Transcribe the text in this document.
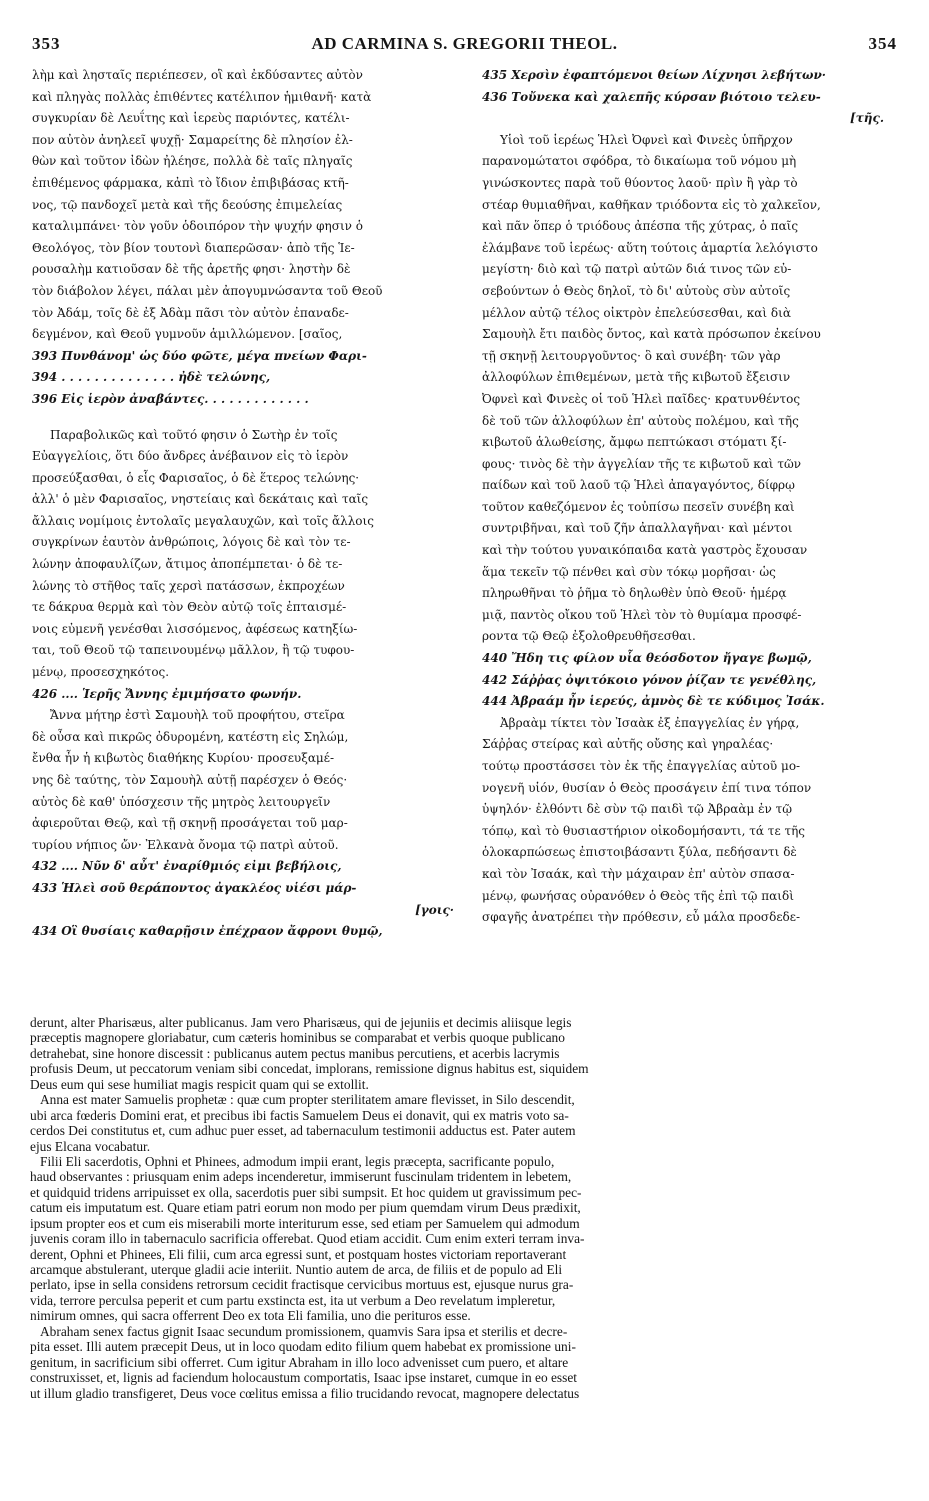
353	AD CARMINA S. GREGORII THEOL.	354
λὴμ καὶ λησταῖς περιέπεσεν, οἳ καὶ ἐκδύσαντες αὐτὸν
καὶ πληγὰς πολλὰς ἐπιθέντες κατέλιπον ἡμιθανῆ· κατὰ
συγκυρίαν δὲ Λευΐτης καὶ ἱερεὺς παριόντες, κατέλι-
πον αὐτὸν ἀνηλεεῖ ψυχῇ· Σαμαρείτης δὲ πλησίον ἐλ-
θὼν καὶ τοῦτον ἰδὼν ἠλέησε, πολλὰ δὲ ταῖς πληγαῖς
ἐπιθέμενος φάρμακα, κἀπὶ τὸ ἴδιον ἐπιβιβάσας κτῆ-
νος, τῷ πανδοχεῖ μετὰ καὶ τῆς δεούσης ἐπιμελείας
καταλιμπάνει· τὸν γοῦν ὁδοιπόρον τὴν ψυχήν φησιν ὁ
Θεολόγος, τὸν βίον τουτονὶ διαπερῶσαν· ἀπὸ τῆς Ἱε-
ρουσαλὴμ κατιοῦσαν δὲ τῆς ἀρετῆς φησι· ληστὴν δὲ
τὸν διάβολον λέγει, πάλαι μὲν ἀπογυμνώσαντα τοῦ Θεοῦ
τὸν Ἀδάμ, τοῖς δὲ ἐξ Ἀδὰμ πᾶσι τὸν αὐτὸν ἐπαναδε-
δεγμένον, καὶ Θεοῦ γυμνοῦν ἁμιλλώμενον. [σαῖος,
393 Πυνθάνομ' ὡς δύο φῶτε, μέγα πνείων Φαρι-
394 . . . . . . . . . . . . . . ἠδὲ τελώνης,
396 Εἰς ἱερὸν ἀναβάντες. . . . . . . . . . . . .
Παραβολικῶς καὶ τοῦτό φησιν ὁ Σωτὴρ ἐν τοῖς
Εὐαγγελίοις, ὅτι δύο ἄνδρες ἀνέβαινον εἰς τὸ ἱερὸν
προσεύξασθαι, ὁ εἷς Φαρισαῖος, ὁ δὲ ἕτερος τελώνης·
ἀλλ' ὁ μὲν Φαρισαῖος, νηστείαις καὶ δεκάταις καὶ ταῖς
ἄλλαις νομίμοις ἐντολαῖς μεγαλαυχῶν, καὶ τοῖς ἄλλοις
συγκρίνων ἑαυτὸν ἀνθρώποις, λόγοις δὲ καὶ τὸν τε-
λώνην ἀποφαυλίζων, ἄτιμος ἀποπέμπεται· ὁ δὲ τε-
λώνης τὸ στῆθος ταῖς χερσὶ πατάσσων, ἐκπροχέων
τε δάκρυα θερμὰ καὶ τὸν Θεὸν αὐτῷ τοῖς ἐπταισμέ-
νοις εὐμενῆ γενέσθαι λισσόμενος, ἀφέσεως κατηξίω-
ται, τοῦ Θεοῦ τῷ ταπεινουμένῳ μᾶλλον, ἢ τῷ τυφου-
μένῳ, προσεσχηκότος.
426 .... Ἱερῆς Ἄννης ἐμιμήσατο φωνήν.
Ἄννα μήτηρ ἐστὶ Σαμουὴλ τοῦ προφήτου, στεῖρα
δὲ οὖσα καὶ πικρῶς ὀδυρομένη, κατέστη εἰς Σηλώμ,
ἔνθα ἦν ἡ κιβωτὸς διαθήκης Κυρίου· προσευξαμέ-
νης δὲ ταύτης, τὸν Σαμουὴλ αὐτῇ παρέσχεν ὁ Θεός·
αὐτὸς δὲ καθ' ὑπόσχεσιν τῆς μητρὸς λειτουργεῖν
ἀφιεροῦται Θεῷ, καὶ τῇ σκηνῇ προσάγεται τοῦ μαρ-
τυρίου νήπιος ὤν· Ἐλκανὰ ὄνομα τῷ πατρὶ αὐτοῦ.
432 .... Νῦν δ' αὖτ' ἐναρίθμιός εἰμι βεβήλοις,
433 Ἡλεὶ σοῦ θεράποντος ἀγακλέος υἱέσι μάρ-
[γοις·
434 Οἳ θυσίαις καθαρῇσιν ἐπέχραον ἄφρονι θυμῷ,
435 Χερσὶν ἐφαπτόμενοι θείων Λίχνησι λεβήτων·
436 Τοὔνεκα καὶ χαλεπῆς κύρσαν βιότοιο τελευ-
[τῆς.
Υἱοὶ τοῦ ἱερέως Ἡλεὶ Ὀφνεὶ καὶ Φινεὲς ὑπῆρχον
παρανομώτατοι σφόδρα, τὸ δικαίωμα τοῦ νόμου μὴ
γινώσκοντες παρὰ τοῦ θύοντος λαοῦ· πρὶν ἢ γὰρ τὸ
στέαρ θυμιαθῆναι, καθῆκαν τριόδοντα εἰς τὸ χαλκεῖον,
καὶ πᾶν ὅπερ ὁ τριόδους ἀπέσπα τῆς χύτρας, ὁ παῖς
ἐλάμβανε τοῦ ἱερέως· αὕτη τούτοις ἁμαρτία λελόγιστο
μεγίστη· διὸ καὶ τῷ πατρὶ αὐτῶν διά τινος τῶν εὐ-
σεβούντων ὁ Θεὸς δηλοῖ, τὸ δι' αὐτοὺς σὺν αὐτοῖς
μέλλον αὐτῷ τέλος οἰκτρὸν ἐπελεύσεσθαι, καὶ διὰ
Σαμουὴλ ἔτι παιδὸς ὄντος, καὶ κατὰ πρόσωπον ἐκείνου
τῇ σκηνῇ λειτουργοῦντος· ὃ καὶ συνέβη· τῶν γὰρ
ἀλλοφύλων ἐπιθεμένων, μετὰ τῆς κιβωτοῦ ἔξεισιν
Ὀφνεὶ καὶ Φινεὲς οἱ τοῦ Ἡλεὶ παῖδες· κρατυνθέντος
δὲ τοῦ τῶν ἀλλοφύλων ἐπ' αὐτοὺς πολέμου, καὶ τῆς
κιβωτοῦ ἁλωθείσης, ἄμφω πεπτώκασι στόματι ξί-
φους· τινὸς δὲ τὴν ἀγγελίαν τῆς τε κιβωτοῦ καὶ τῶν
παίδων καὶ τοῦ λαοῦ τῷ Ἡλεὶ ἀπαγαγόντος, δίφρῳ
τοῦτον καθεζόμενον ἐς τοὐπίσω πεσεῖν συνέβη καὶ
συντριβῆναι, καὶ τοῦ ζῆν ἀπαλλαγῆναι· καὶ μέντοι
καὶ τὴν τούτου γυναικόπαιδα κατὰ γαστρὸς ἔχουσαν
ἅμα τεκεῖν τῷ πένθει καὶ σὺν τόκῳ μορῆσαι· ὡς
πληρωθῆναι τὸ ῥῆμα τὸ δηλωθὲν ὑπὸ Θεοῦ· ἡμέρᾳ
μιᾷ, παντὸς οἴκου τοῦ Ἡλεὶ τὸν τὸ θυμίαμα προσφέ-
ροντα τῷ Θεῷ ἐξολοθρευθῆσεσθαι.
440 Ἤδη τις φίλον υἷα θεόσδοτον ἤγαγε βωμῷ,
442 Σάῤῥας ὀψιτόκοιο γόνον ῥίζαν τε γενέθλης,
444 Ἀβραάμ ἦν ἱερεύς, ἀμνὸς δὲ τε κύδιμος Ἰσάκ.
Ἀβραὰμ τίκτει τὸν Ἰσαὰκ ἐξ ἐπαγγελίας ἐν γήρᾳ,
Σάῤῥας στείρας καὶ αὐτῆς οὔσης καὶ γηραλέας·
τούτῳ προστάσσει τὸν ἐκ τῆς ἐπαγγελίας αὐτοῦ μο-
νογενῆ υἱόν, θυσίαν ὁ Θεὸς προσάγειν ἐπί τινα τόπον
ὑψηλόν· ἐλθόντι δὲ σὺν τῷ παιδὶ τῷ Ἀβραὰμ ἐν τῷ
τόπῳ, καὶ τὸ θυσιαστήριον οἰκοδομήσαντι, τά τε τῆς
ὁλοκαρπώσεως ἐπιστοιβάσαντι ξύλα, πεδήσαντι δὲ
καὶ τὸν Ἰσαάκ, καὶ τὴν μάχαιραν ἐπ' αὐτὸν σπασα-
μένῳ, φωνήσας οὐρανόθεν ὁ Θεὸς τῆς ἐπὶ τῷ παιδὶ
σφαγῆς ἀνατρέπει τὴν πρόθεσιν, εὖ μάλα προσδεδε-
derunt, alter Pharisæus, alter publicanus. Jam vero Pharisæus, qui de jejuniis et decimis aliisque legis
præceptis magnopere gloriabatur, cum cæteris hominibus se comparabat et verbis quoque publicano
detrahebat, sine honore discessit : publicanus autem pectus manibus percutiens, et acerbis lacrymis
profusis Deum, ut peccatorum veniam sibi concedat, implorans, remissione dignus habitus est, siquidem
Deus eum qui sese humiliat magis respicit quam qui se extollit.
Anna est mater Samuelis prophetæ : quæ cum propter sterilitatem amare flevisset, in Silo descendit,
ubi arca fœderis Domini erat, et precibus ibi factis Samuelem Deus ei donavit, qui ex matris voto sa-
cerdos Dei constitutus et, cum adhuc puer esset, ad tabernaculum testimonii adductus est. Pater autem
ejus Elcana vocabatur.
Filii Eli sacerdotis, Ophni et Phinees, admodum impii erant, legis præcepta, sacrificante populo,
haud observantes : priusquam enim adeps incenderetur, immiserunt fuscinulam tridentem in lebetem,
et quidquid tridens arripuisset ex olla, sacerdotis puer sibi sumpsit. Et hoc quidem ut gravissimum pec-
catum eis imputatum est. Quare etiam patri eorum non modo per pium quemdam virum Deus prædixit,
ipsum propter eos et cum eis miserabili morte interiturum esse, sed etiam per Samuelem qui admodum
juvenis coram illo in tabernaculo sacrificia offerebat. Quod etiam accidit. Cum enim exteri terram inva-
derent, Ophni et Phinees, Eli filii, cum arca egressi sunt, et postquam hostes victoriam reportaverant
arcamque abstulerant, uterque gladii acie interiit. Nuntio autem de arca, de filiis et de populo ad Eli
perlato, ipse in sella considens retrorsum cecidit fractisque cervicibus mortuus est, ejusque nurus gra-
vida, terrore perculsa peperit et cum partu exstincta est, ita ut verbum a Deo revelatum impleretur,
nimirum omnes, qui sacra offerrent Deo ex tota Eli familia, uno die perituros esse.
Abraham senex factus gignit Isaac secundum promissionem, quamvis Sara ipsa et sterilis et decre-
pita esset. Illi autem præcepit Deus, ut in loco quodam edito filium quem habebat ex promissione uni-
genitum, in sacrificium sibi offerret. Cum igitur Abraham in illo loco advenisset cum puero, et altare
construxisset, et, lignis ad faciendum holocaustum comportatis, Isaac ipse instaret, cumque in eo esset
ut illum gladio transfigeret, Deus voce cœlitus emissa a filio trucidando revocat, magnopere delectatus
